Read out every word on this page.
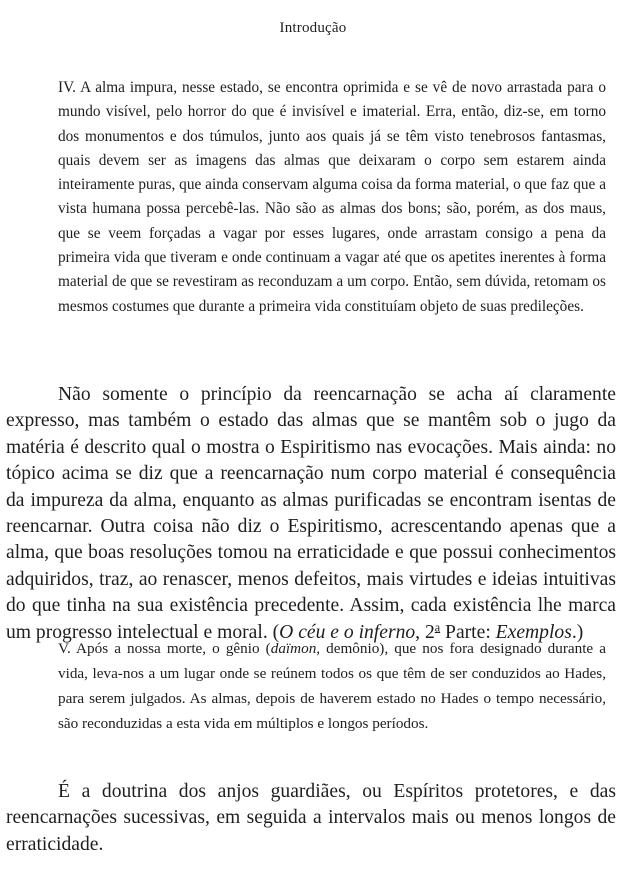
Introdução

IV. A alma impura, nesse estado, se encontra oprimida e se vê de novo arrastada para o mundo visível, pelo horror do que é invisível e imaterial. Erra, então, diz-se, em torno dos monumentos e dos túmulos, junto aos quais já se têm visto tenebrosos fantasmas, quais devem ser as imagens das almas que deixaram o corpo sem estarem ainda inteiramente puras, que ainda conservam alguma coisa da forma material, o que faz que a vista humana possa percebê-las. Não são as almas dos bons; são, porém, as dos maus, que se veem forçadas a vagar por esses lugares, onde arrastam consigo a pena da primeira vida que tiveram e onde continuam a vagar até que os apetites inerentes à forma material de que se revestiram as reconduzam a um corpo. Então, sem dúvida, retomam os mesmos costumes que durante a primeira vida constituíam objeto de suas predileções.

Não somente o princípio da reencarnação se acha aí claramente expresso, mas também o estado das almas que se mantêm sob o jugo da matéria é descrito qual o mostra o Espiritismo nas evocações. Mais ainda: no tópico acima se diz que a reencarnação num corpo material é consequência da impureza da alma, enquanto as almas purificadas se encontram isentas de reencarnar. Outra coisa não diz o Espiritismo, acrescentando apenas que a alma, que boas resoluções tomou na erraticidade e que possui conhecimentos adquiridos, traz, ao renascer, menos defeitos, mais virtudes e ideias intuitivas do que tinha na sua existência precedente. Assim, cada existência lhe marca um progresso intelectual e moral. (O céu e o inferno, 2$^a$ Parte: Exemplos.)

V. Após a nossa morte, o gênio (daïmon, demônio), que nos fora designado durante a vida, leva-nos a um lugar onde se reúnem todos os que têm de ser conduzidos ao Hades, para serem julgados. As almas, depois de haverem estado no Hades o tempo necessário, são reconduzidas a esta vida em múltiplos e longos períodos.

É a doutrina dos anjos guardiães, ou Espíritos protetores, e das reencarnações sucessivas, em seguida a intervalos mais ou menos longos de erraticidade.
